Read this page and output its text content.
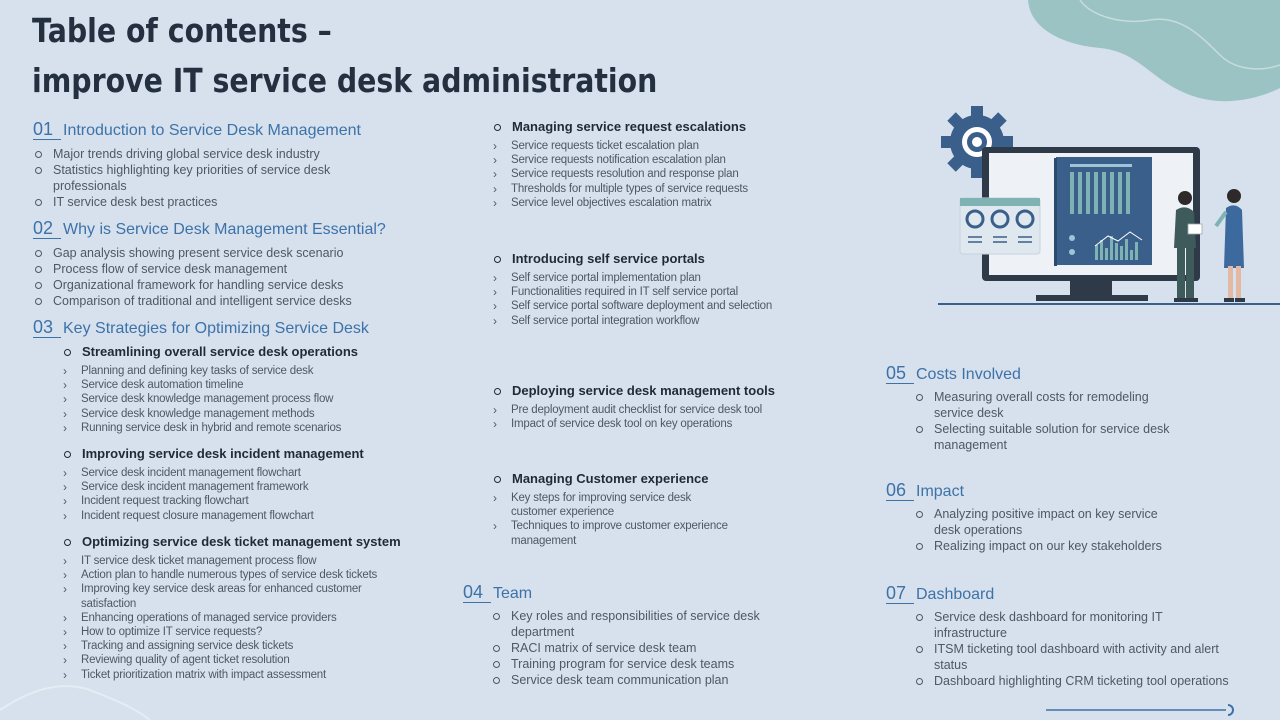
Table of contents –
improve IT service desk administration
01 Introduction to Service Desk Management
Major trends driving global service desk industry
Statistics highlighting key priorities of service desk professionals
IT service desk best practices
02 Why is Service Desk Management Essential?
Gap analysis showing present service desk scenario
Process flow of service desk management
Organizational framework for handling service desks
Comparison of traditional and intelligent service desks
03 Key Strategies for Optimizing Service Desk
Streamlining overall service desk operations
› Planning and defining key tasks of service desk
› Service desk automation timeline
› Service desk knowledge management process flow
› Service desk knowledge management methods
› Running service desk in hybrid and remote scenarios
Improving service desk incident management
› Service desk incident management flowchart
› Service desk incident management framework
› Incident request tracking flowchart
› Incident request closure management flowchart
Optimizing service desk ticket management system
› IT service desk ticket management process flow
› Action plan to handle numerous types of service desk tickets
› Improving key service desk areas for enhanced customer satisfaction
› Enhancing operations of managed service providers
› How to optimize IT service requests?
› Tracking and assigning service desk tickets
› Reviewing quality of agent ticket resolution
› Ticket prioritization matrix with impact assessment
Managing service request escalations
› Service requests ticket escalation plan
› Service requests notification escalation plan
› Service requests resolution and response plan
› Thresholds for multiple types of service requests
› Service level objectives escalation matrix
Introducing self service portals
› Self service portal implementation plan
› Functionalities required in IT self service portal
› Self service portal software deployment and selection
› Self service portal integration workflow
Deploying service desk management tools
› Pre deployment audit checklist for service desk tool
› Impact of service desk tool on key operations
Managing Customer experience
› Key steps for improving service desk customer experience
› Techniques to improve customer experience management
04 Team
Key roles and responsibilities of service desk department
RACI matrix of service desk team
Training program for service desk teams
Service desk team communication plan
05 Costs Involved
Measuring overall costs for remodeling service desk
Selecting suitable solution for service desk management
06 Impact
Analyzing positive impact on key service desk operations
Realizing impact on our key stakeholders
07 Dashboard
Service desk dashboard for monitoring IT infrastructure
ITSM ticketing tool dashboard with activity and alert status
Dashboard highlighting CRM ticketing tool operations
